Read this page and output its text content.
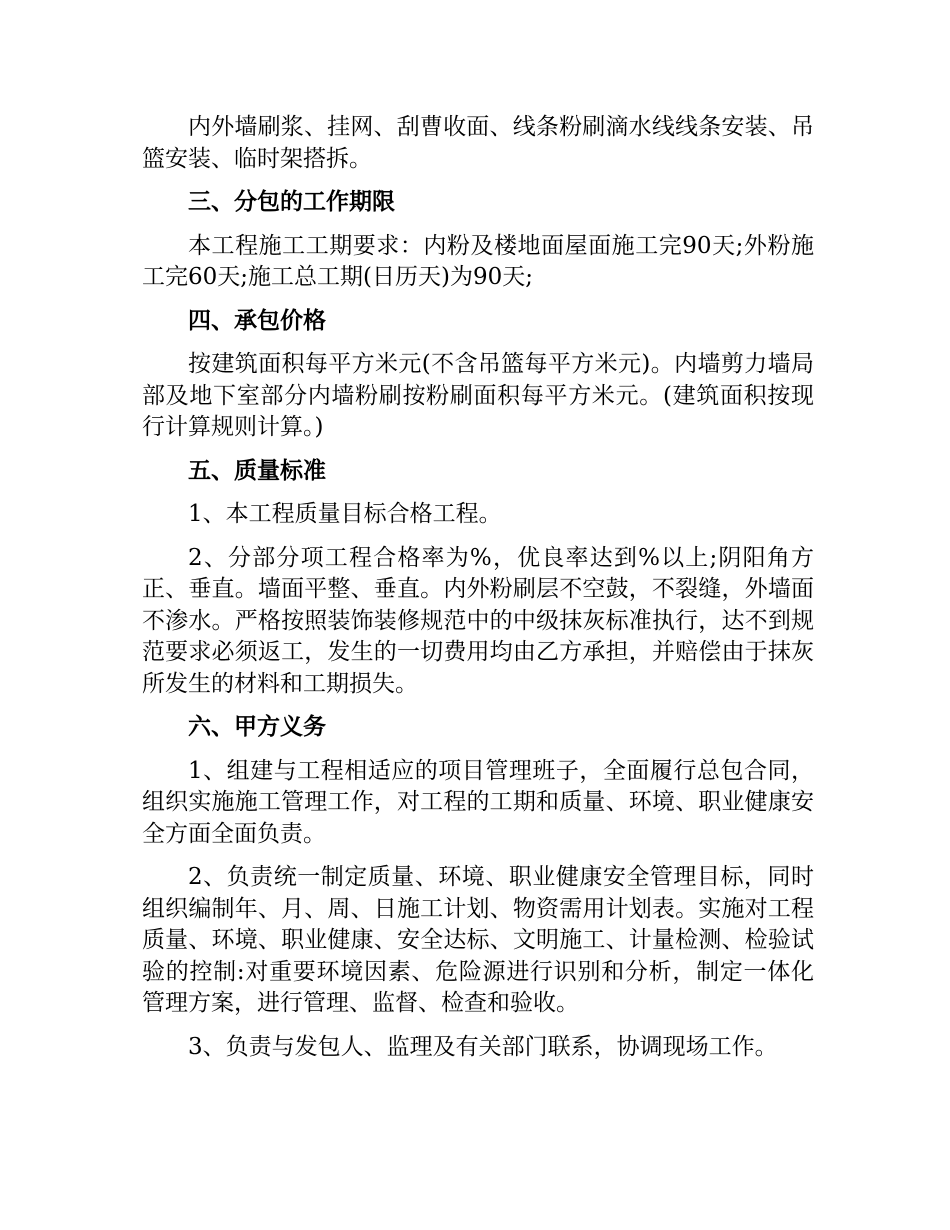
内外墙刷浆、挂网、刮曹收面、线条粉刷滴水线线条安装、吊篮安装、临时架搭拆。

三、分包的工作期限

本工程施工工期要求：内粉及楼地面屋面施工完90天;外粉施工完60天;施工总工期(日历天)为90天;

四、承包价格

按建筑面积每平方米元(不含吊篮每平方米元)。内墙剪力墙局部及地下室部分内墙粉刷按粉刷面积每平方米元。(建筑面积按现行计算规则计算。)

五、质量标准

1、本工程质量目标合格工程。

2、分部分项工程合格率为%，优良率达到%以上;阴阳角方正、垂直。墙面平整、垂直。内外粉刷层不空鼓，不裂缝，外墙面不渗水。严格按照装饰装修规范中的中级抹灰标准执行，达不到规范要求必须返工，发生的一切费用均由乙方承担，并赔偿由于抹灰所发生的材料和工期损失。

六、甲方义务

1、组建与工程相适应的项目管理班子，全面履行总包合同，组织实施施工管理工作，对工程的工期和质量、环境、职业健康安全方面全面负责。

2、负责统一制定质量、环境、职业健康安全管理目标，同时组织编制年、月、周、日施工计划、物资需用计划表。实施对工程质量、环境、职业健康、安全达标、文明施工、计量检测、检验试验的控制:对重要环境因素、危险源进行识别和分析，制定一体化管理方案，进行管理、监督、检查和验收。

3、负责与发包人、监理及有关部门联系，协调现场工作。
